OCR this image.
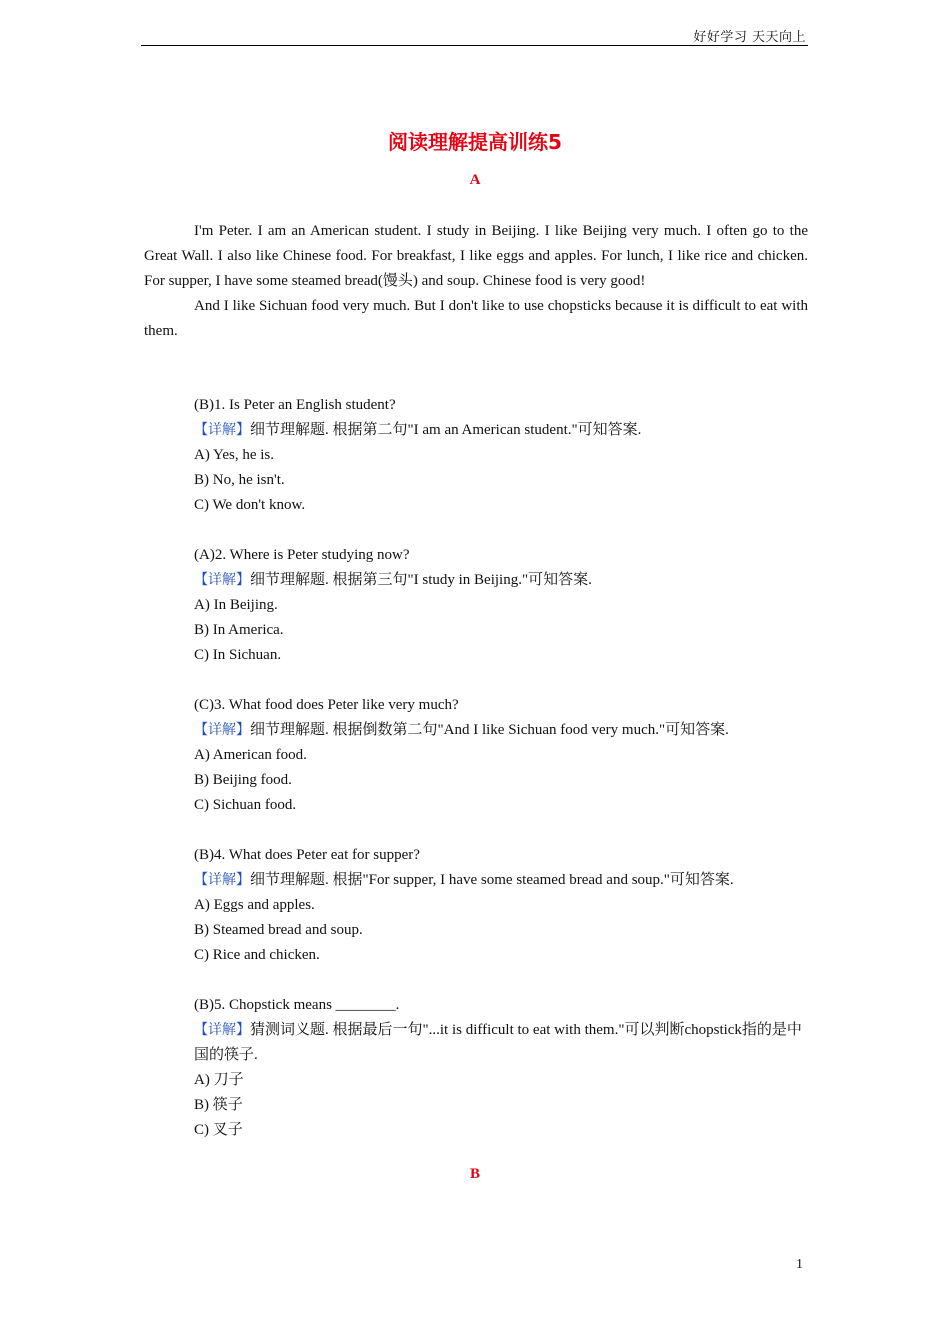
好好学习 天天向上
阅读理解提高训练5
A

I'm Peter. I am an American student. I study in Beijing. I like Beijing very much. I often go to the Great Wall. I also like Chinese food. For breakfast, I like eggs and apples. For lunch, I like rice and chicken. For supper, I have some steamed bread(馒头) and soup. Chinese food is very good!

And I like Sichuan food very much. But I don't like to use chopsticks because it is difficult to eat with them.

(B)1. Is Peter an English student?
【详解】细节理解题. 根据第二句"I am an American student."可知答案.
A) Yes, he is.
B) No, he isn't.
C) We don't know.
(A)2. Where is Peter studying now?
【详解】细节理解题. 根据第三句"I study in Beijing."可知答案.
A) In Beijing.
B) In America.
C) In Sichuan.
(C)3. What food does Peter like very much?
【详解】细节理解题. 根据倒数第二句"And I like Sichuan food very much."可知答案.
A) American food.
B) Beijing food.
C) Sichuan food.
(B)4. What does Peter eat for supper?
【详解】细节理解题. 根据"For supper, I have some steamed bread and soup."可知答案.
A) Eggs and apples.
B) Steamed bread and soup.
C) Rice and chicken.
(B)5. Chopstick means ________.
【详解】猜测词义题. 根据最后一句"...it is difficult to eat with them."可以判断chopstick指的是中国的筷子.
A) 刀子
B) 筷子
C) 叉子
B
1
